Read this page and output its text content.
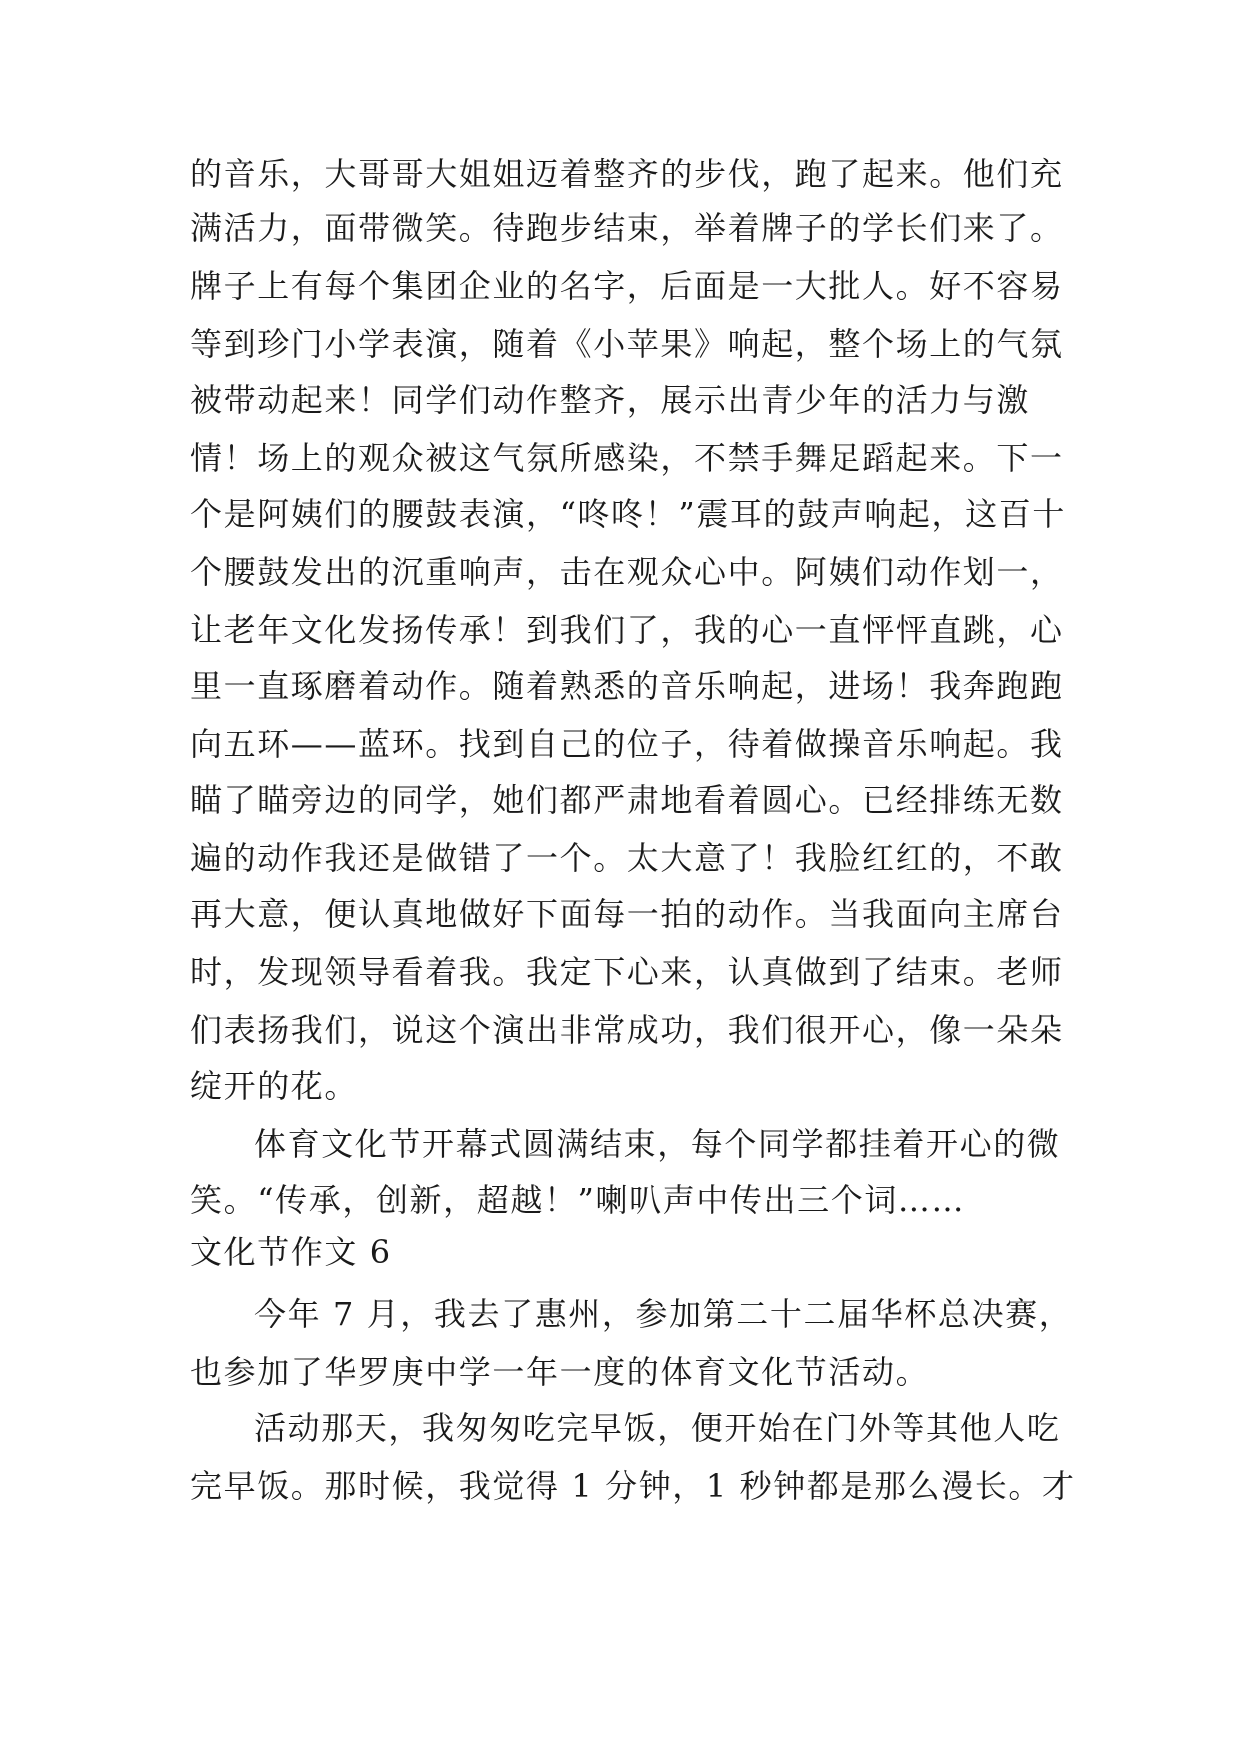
的音乐，大哥哥大姐姐迈着整齐的步伐，跑了起来。他们充
满活力，面带微笑。待跑步结束，举着牌子的学长们来了。
牌子上有每个集团企业的名字，后面是一大批人。好不容易
等到珍门小学表演，随着《小苹果》响起，整个场上的气氛
被带动起来！同学们动作整齐，展示出青少年的活力与激
情！场上的观众被这气氛所感染，不禁手舞足蹈起来。下一
个是阿姨们的腰鼓表演，“咚咚！”震耳的鼓声响起，这百十
个腰鼓发出的沉重响声，击在观众心中。阿姨们动作划一，
让老年文化发扬传承！到我们了，我的心一直怦怦直跳，心
里一直琢磨着动作。随着熟悉的音乐响起，进场！我奔跑跑
向五环——蓝环。找到自己的位子，待着做操音乐响起。我
瞄了瞄旁边的同学，她们都严肃地看着圆心。已经排练无数
遍的动作我还是做错了一个。太大意了！我脸红红的，不敢
再大意，便认真地做好下面每一拍的动作。当我面向主席台
时，发现领导看着我。我定下心来，认真做到了结束。老师
们表扬我们，说这个演出非常成功，我们很开心，像一朵朵
绽开的花。
体育文化节开幕式圆满结束，每个同学都挂着开心的微
笑。“传承，创新，超越！”喇叭声中传出三个词……
文化节作文 6
今年 7 月，我去了惠州，参加第二十二届华杯总决赛，
也参加了华罗庚中学一年一度的体育文化节活动。
活动那天，我匆匆吃完早饭，便开始在门外等其他人吃
完早饭。那时候，我觉得 1 分钟，1 秒钟都是那么漫长。才
